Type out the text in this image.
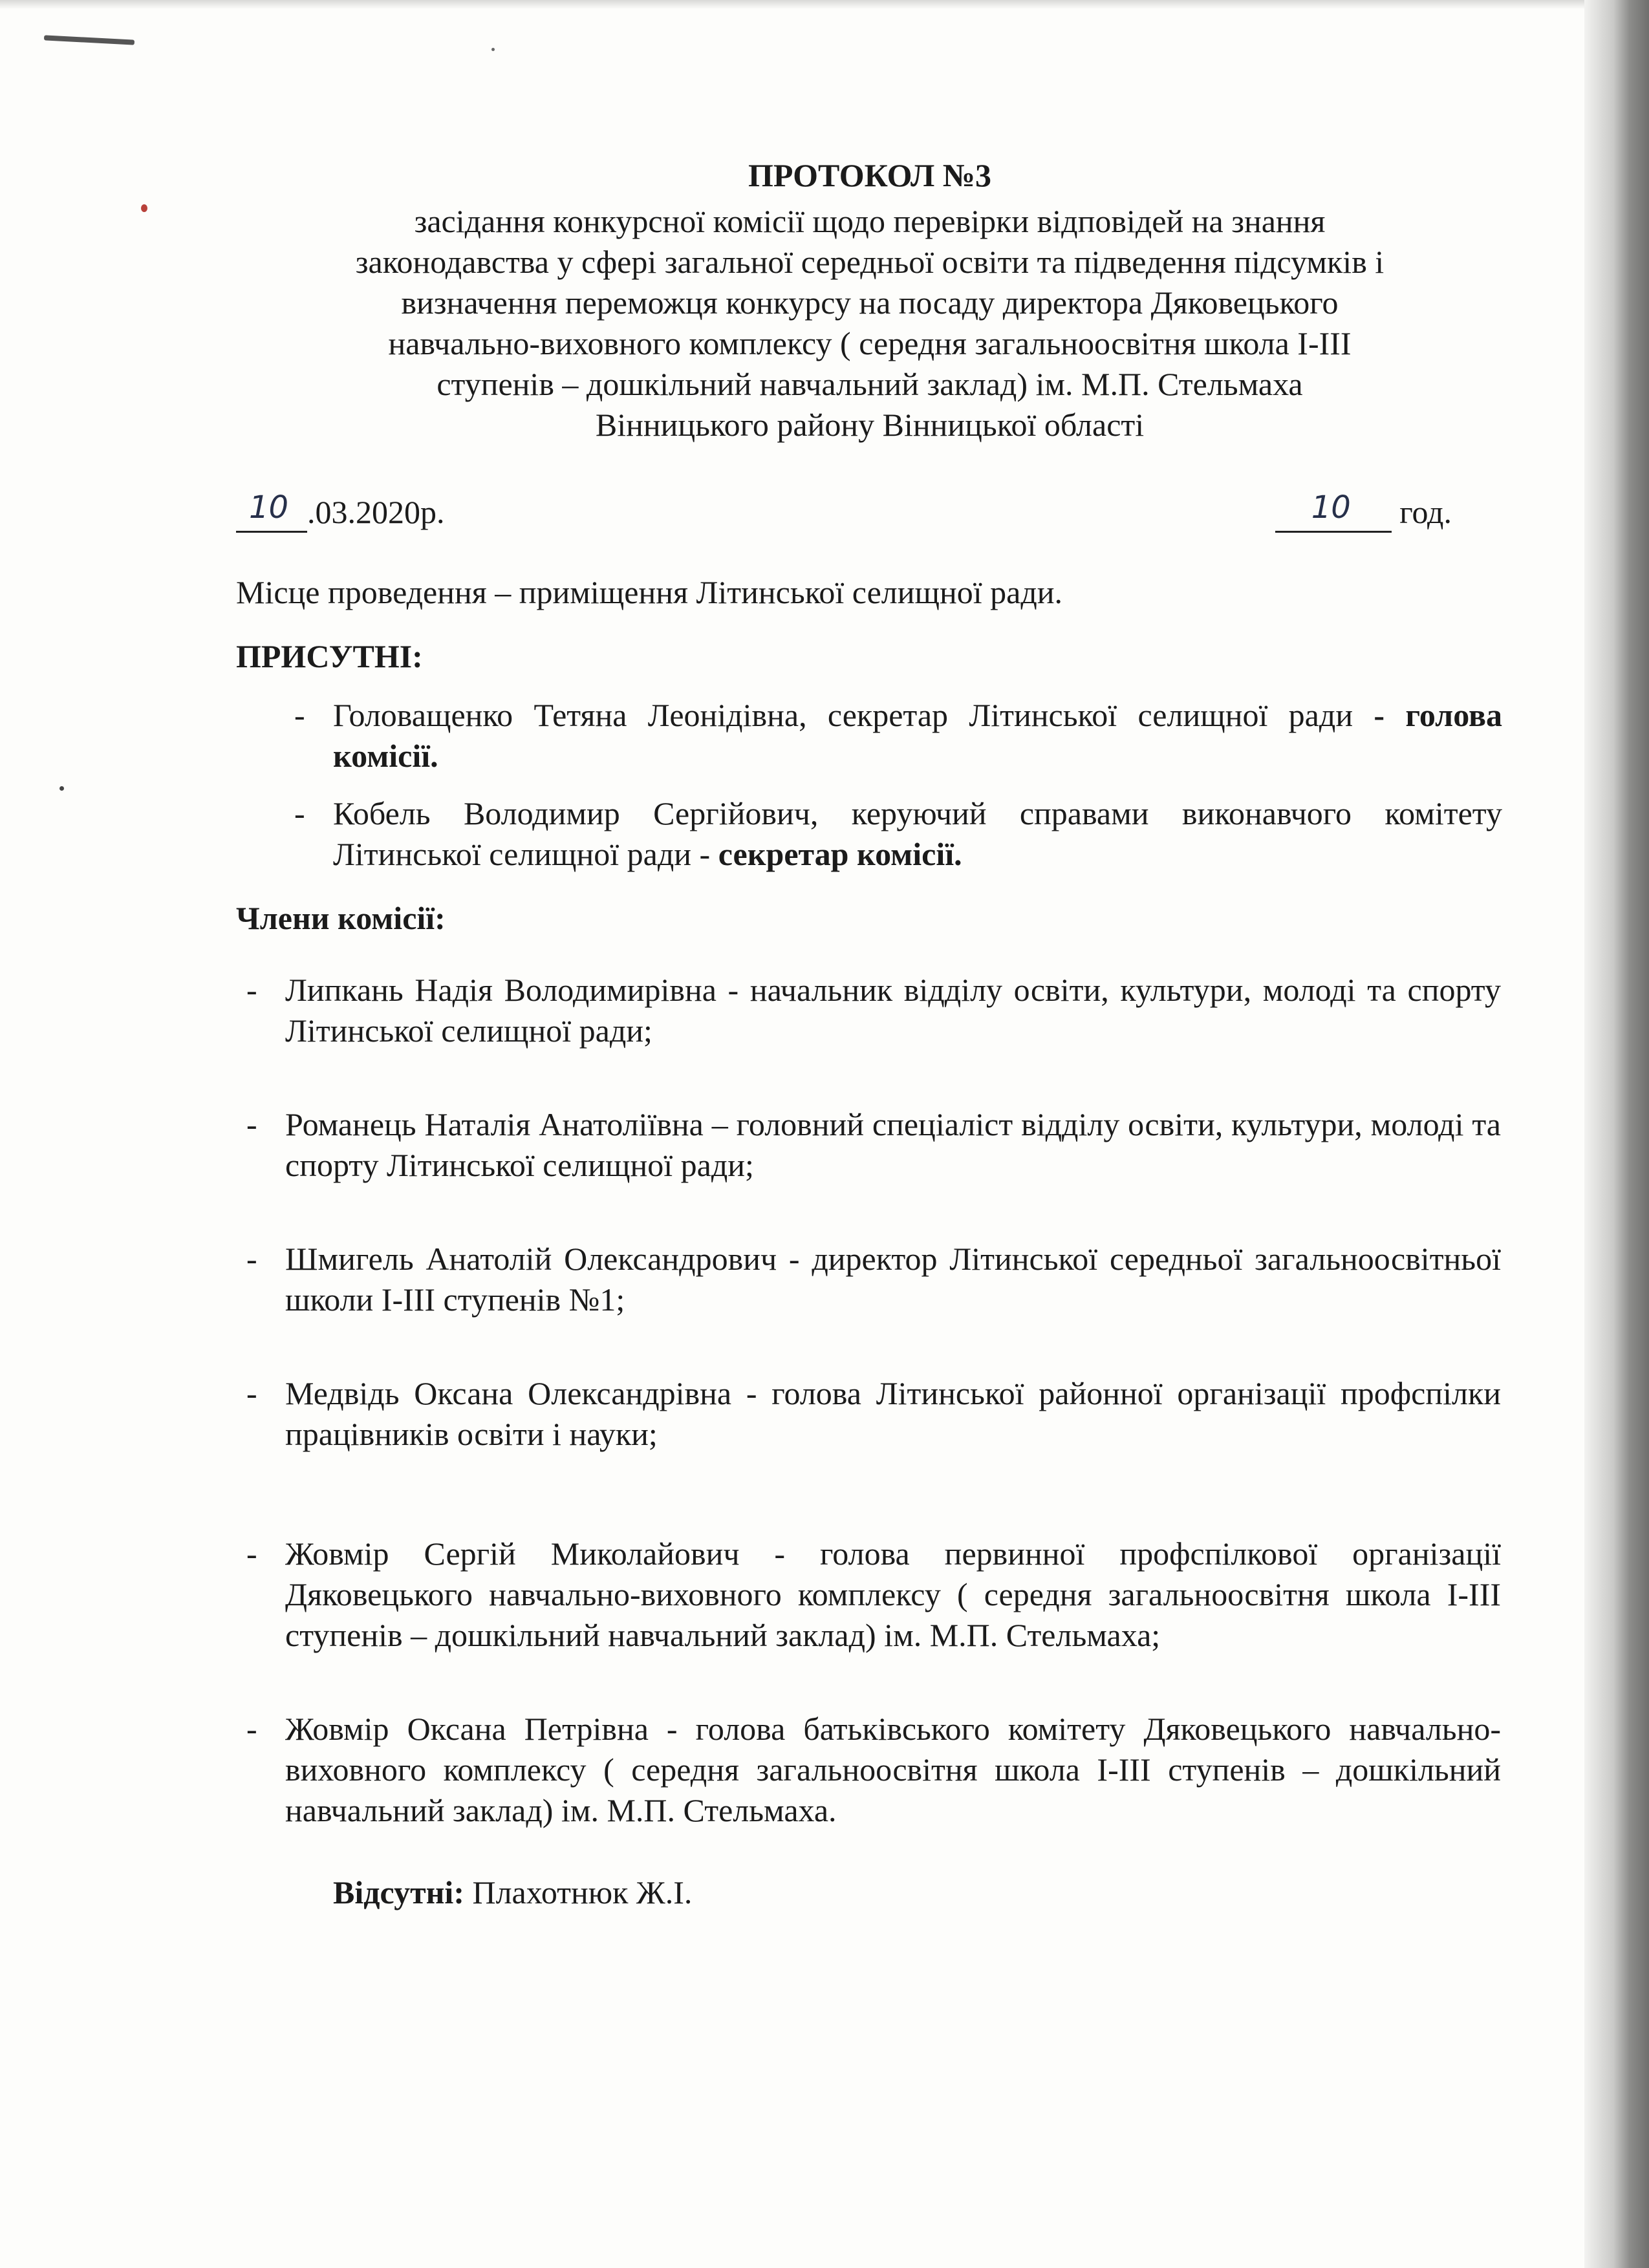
ПРОТОКОЛ №3
засідання конкурсної комісії щодо перевірки відповідей на знання
законодавства у сфері загальної середньої освіти та підведення підсумків і
визначення переможця конкурсу на посаду директора Дяковецького
навчально-виховного комплексу ( середня загальноосвітня школа І-ІІІ
ступенів – дошкільний навчальний заклад) ім. М.П. Стельмаха
Вінницького району Вінницької області
10 .03.2020р.	10 год.
Місце проведення – приміщення Літинської селищної ради.
ПРИСУТНІ:
- Головащенко Тетяна Леонідівна, секретар Літинської селищної ради - голова комісії.
- Кобель Володимир Сергійович, керуючий справами виконавчого комітету Літинської селищної ради - секретар комісії.
Члени комісії:
- Липкань Надія Володимирівна - начальник відділу освіти, культури, молоді та спорту Літинської селищної ради;
- Романець Наталія Анатоліївна – головний спеціаліст відділу освіти, культури, молоді та спорту Літинської селищної ради;
- Шмигель Анатолій Олександрович - директор Літинської середньої загальноосвітньої школи І-ІІІ ступенів №1;
- Медвідь Оксана Олександрівна - голова Літинської районної організації профспілки працівників освіти і науки;
- Жовмір Сергій Миколайович - голова первинної профспілкової організації Дяковецького навчально-виховного комплексу ( середня загальноосвітня школа І-ІІІ ступенів – дошкільний навчальний заклад) ім. М.П. Стельмаха;
- Жовмір Оксана Петрівна - голова батьківського комітету Дяковецького навчально-виховного комплексу ( середня загальноосвітня школа І-ІІІ ступенів – дошкільний навчальний заклад) ім. М.П. Стельмаха.
Відсутні: Плахотнюк Ж.І.
